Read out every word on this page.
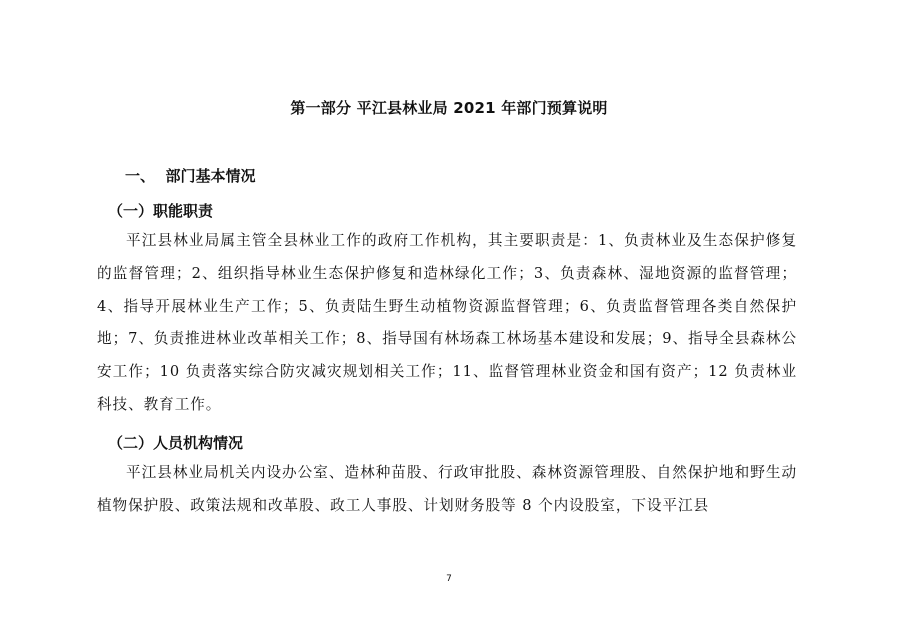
第一部分 平江县林业局 2021 年部门预算说明
一、  部门基本情况
（一）职能职责
平江县林业局属主管全县林业工作的政府工作机构，其主要职责是：1、负责林业及生态保护修复的监督管理；2、组织指导林业生态保护修复和造林绿化工作；3、负责森林、湿地资源的监督管理；4、指导开展林业生产工作；5、负责陆生野生动植物资源监督管理；6、负责监督管理各类自然保护地；7、负责推进林业改革相关工作；8、指导国有林场森工林场基本建设和发展；9、指导全县森林公安工作；10 负责落实综合防灾减灾规划相关工作；11、监督管理林业资金和国有资产；12 负责林业科技、教育工作。
（二）人员机构情况
平江县林业局机关内设办公室、造林种苗股、行政审批股、森林资源管理股、自然保护地和野生动植物保护股、政策法规和改革股、政工人事股、计划财务股等 8 个内设股室，下设平江县
7
